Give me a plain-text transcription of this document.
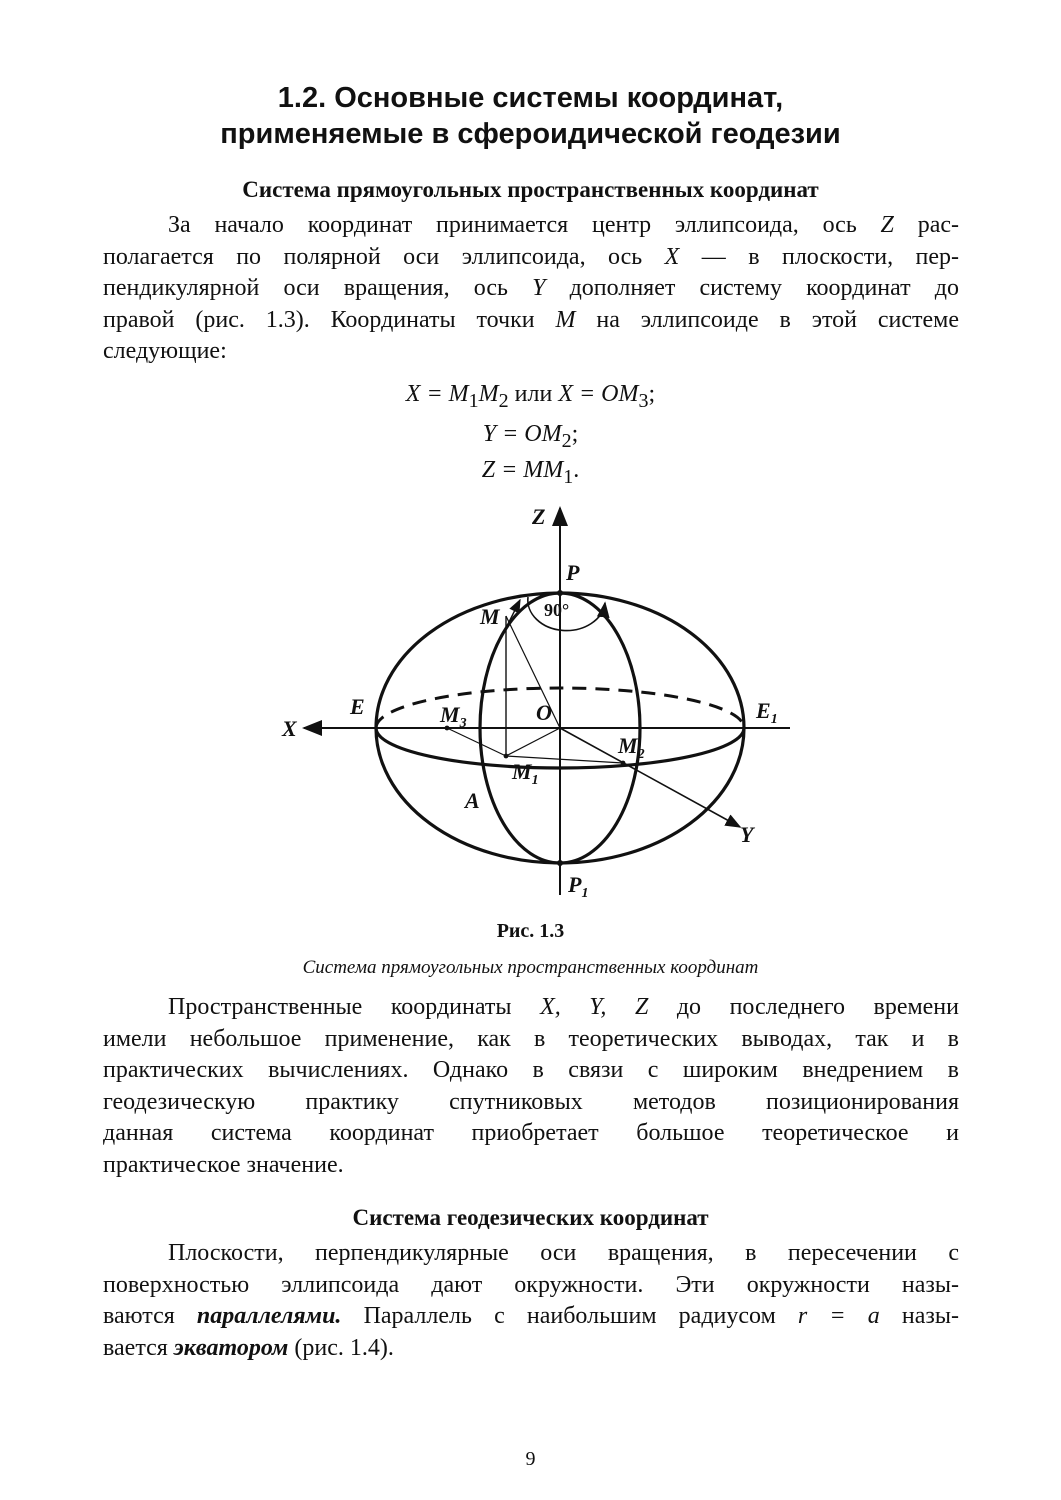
1.2. Основные системы координат,
применяемые в сфероидической геодезии
Система прямоугольных пространственных координат
За начало координат принимается центр эллипсоида, ось Z рас-
полагается по полярной оси эллипсоида, ось X — в плоскости, пер-
пендикулярной оси вращения, ось Y дополняет систему координат до
правой (рис. 1.3). Координаты точки M на эллипсоиде в этой системе
следующие:
$X = M_1M_2$ или $X = OM_3$;
$Y = OM_2$;
$Z = MM_1$.
Z
P
90°
M
E
X
$M_3$	O	$E_1$
$M_2$
$M_1$
A
Y
$P_1$
Рис. 1.3
Система прямоугольных пространственных координат
Пространственные координаты X, Y, Z до последнего времени
имели небольшое применение, как в теоретических выводах, так и в
практических вычислениях. Однако в связи с широким внедрением в
геодезическую практику спутниковых методов позиционирования
данная система координат приобретает большое теоретическое и
практическое значение.
Система геодезических координат
Плоскости, перпендикулярные оси вращения, в пересечении с
поверхностью эллипсоида дают окружности. Эти окружности назы-
ваются параллелями. Параллель с наибольшим радиусом r = a назы-
вается экватором (рис. 1.4).
9
